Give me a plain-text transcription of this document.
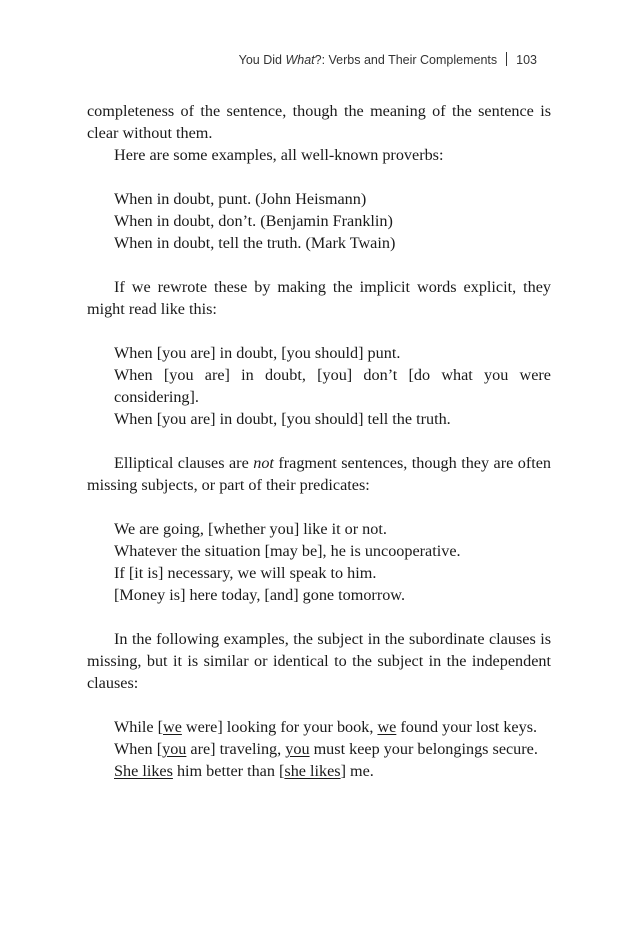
You Did What?: Verbs and Their Complements 103

completeness of the sentence, though the meaning of the sentence is clear without them.

Here are some examples, all well-known proverbs:

When in doubt, punt. (John Heismann)

When in doubt, don’t. (Benjamin Franklin)

When in doubt, tell the truth. (Mark Twain)

If we rewrote these by making the implicit words explicit, they might read like this:

When [you are] in doubt, [you should] punt.

When [you are] in doubt, [you] don’t [do what you were considering].

When [you are] in doubt, [you should] tell the truth.

Elliptical clauses are not fragment sentences, though they are often missing subjects, or part of their predicates:

We are going, [whether you] like it or not.

Whatever the situation [may be], he is uncooperative.

If [it is] necessary, we will speak to him.

[Money is] here today, [and] gone tomorrow.

In the following examples, the subject in the subordinate clauses is missing, but it is similar or identical to the subject in the independent clauses:

While [we were] looking for your book, we found your lost keys.

When [you are] traveling, you must keep your belongings secure.

She likes him better than [she likes] me.
